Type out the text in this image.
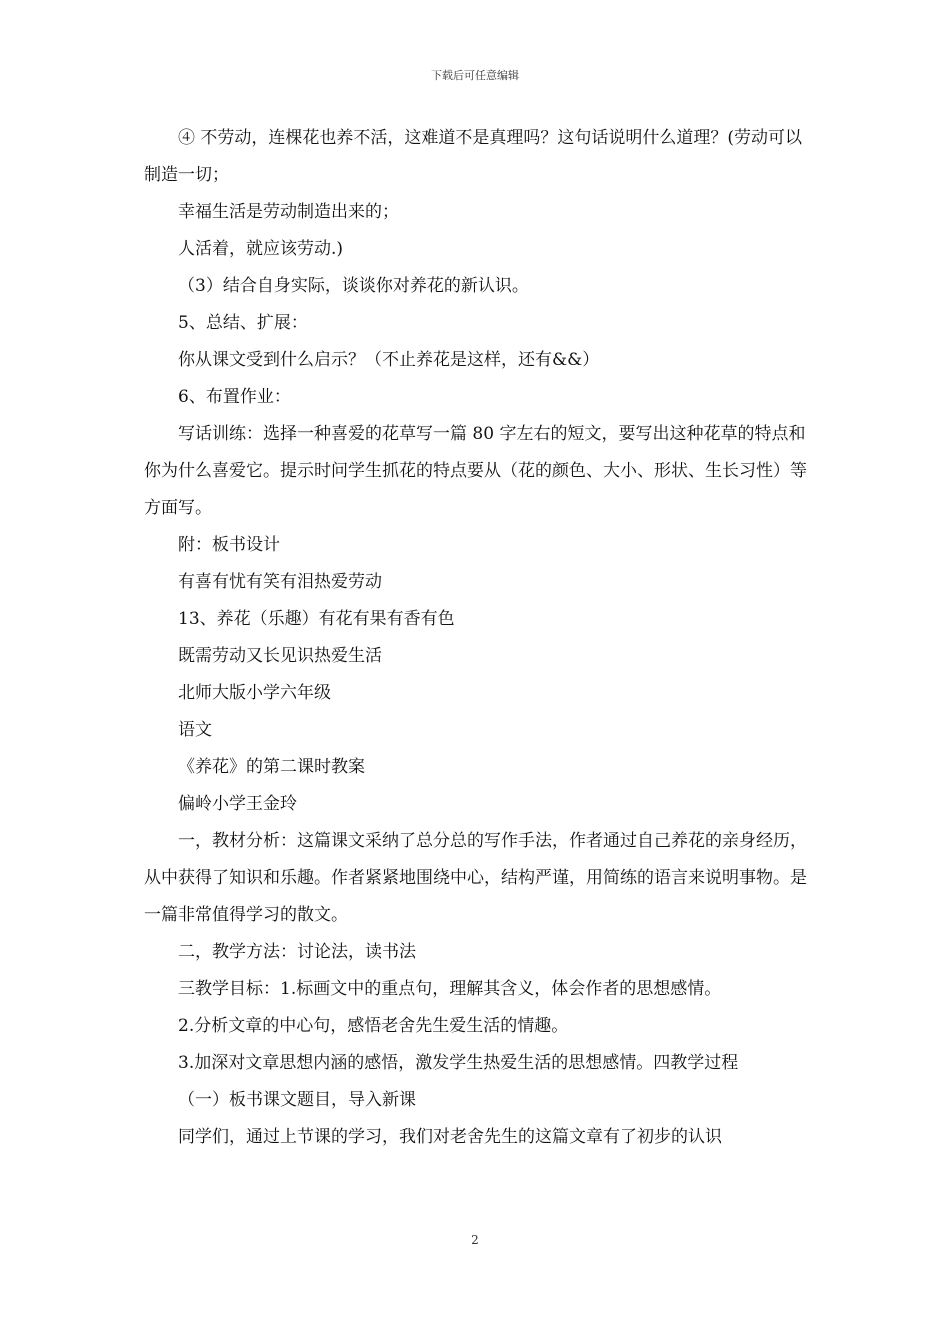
下载后可任意编辑

④ 不劳动，连棵花也养不活，这难道不是真理吗？这句话说明什么道理？(劳动可以制造一切；

幸福生活是劳动制造出来的；

人活着，就应该劳动.)

（3）结合自身实际，谈谈你对养花的新认识。

5、总结、扩展：

你从课文受到什么启示？（不止养花是这样，还有&&）

6、布置作业：

写话训练：选择一种喜爱的花草写一篇 80 字左右的短文，要写出这种花草的特点和你为什么喜爱它。提示时问学生抓花的特点要从（花的颜色、大小、形状、生长习性）等方面写。

附：板书设计

有喜有忧有笑有泪热爱劳动

13、养花（乐趣）有花有果有香有色

既需劳动又长见识热爱生活

北师大版小学六年级

语文

《养花》的第二课时教案

偏岭小学王金玲

一，教材分析：这篇课文采纳了总分总的写作手法，作者通过自己养花的亲身经历，从中获得了知识和乐趣。作者紧紧地围绕中心，结构严谨，用简练的语言来说明事物。是一篇非常值得学习的散文。

二，教学方法：讨论法，读书法

三教学目标：1.标画文中的重点句，理解其含义，体会作者的思想感情。

2.分析文章的中心句，感悟老舍先生爱生活的情趣。

3.加深对文章思想内涵的感悟，激发学生热爱生活的思想感情。四教学过程

（一）板书课文题目，导入新课

同学们，通过上节课的学习，我们对老舍先生的这篇文章有了初步的认识

2
